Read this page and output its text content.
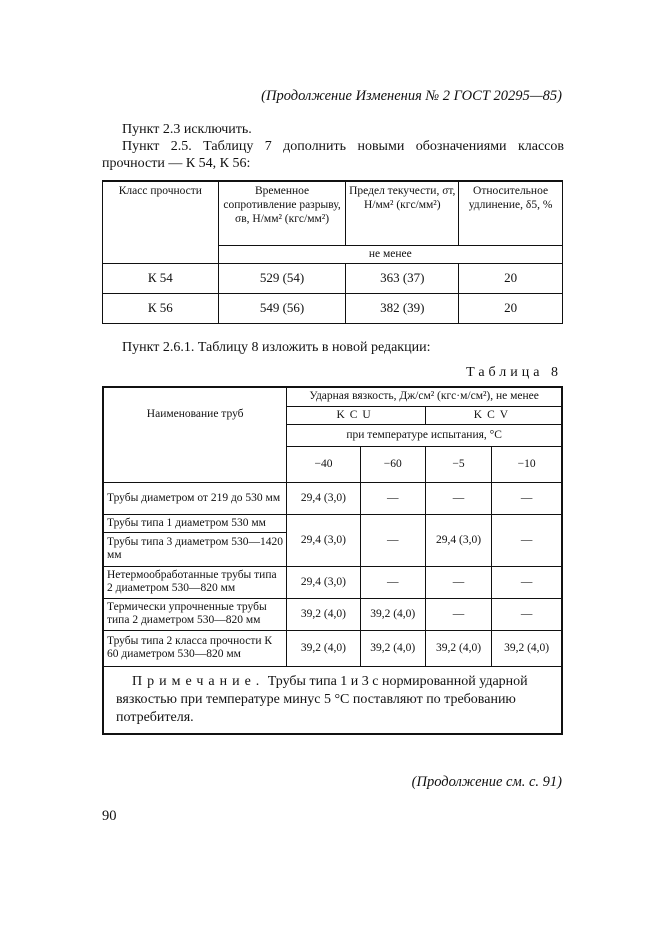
(Продолжение Изменения № 2 ГОСТ 20295—85)
Пункт 2.3 исключить.
Пункт 2.5. Таблицу 7 дополнить новыми обозначениями классов прочности — К 54, К 56:
Класс прочности	Временное сопротивление разрыву, σв, Н/мм² (кгс/мм²)	Предел текучести, σт, Н/мм² (кгс/мм²)	Относительное удлинение, δ5, %
	не менее		
К 54	529 (54)	363 (37)	20
К 56	549 (56)	382 (39)	20
Пункт 2.6.1. Таблицу 8 изложить в новой редакции:
Таблица 8
Наименование труб	Ударная вязкость, Дж/см² (кгс·м/см²), не менее			
	KCU		KCV	
	при температуре испытания, °С			
	−40	−60	−5	−10
Трубы диаметром от 219 до 530 мм	29,4 (3,0)	—	—	—
Трубы типа 1 диаметром 530 мм	29,4 (3,0)	—	29,4 (3,0)	—
Трубы типа 3 диаметром 530—1420 мм				
Нетермообработанные трубы типа 2 диаметром 530—820 мм	29,4 (3,0)	—	—	—
Термически упрочненные трубы типа 2 диаметром 530—820 мм	39,2 (4,0)	39,2 (4,0)	—	—
Трубы типа 2 класса прочности К 60 диаметром 530—820 мм	39,2 (4,0)	39,2 (4,0)	39,2 (4,0)	39,2 (4,0)
Примечание. Трубы типа 1 и 3 с нормированной ударной вязкостью при температуре минус 5 °С поставляют по требованию потребителя.				
(Продолжение см. с. 91)
90
